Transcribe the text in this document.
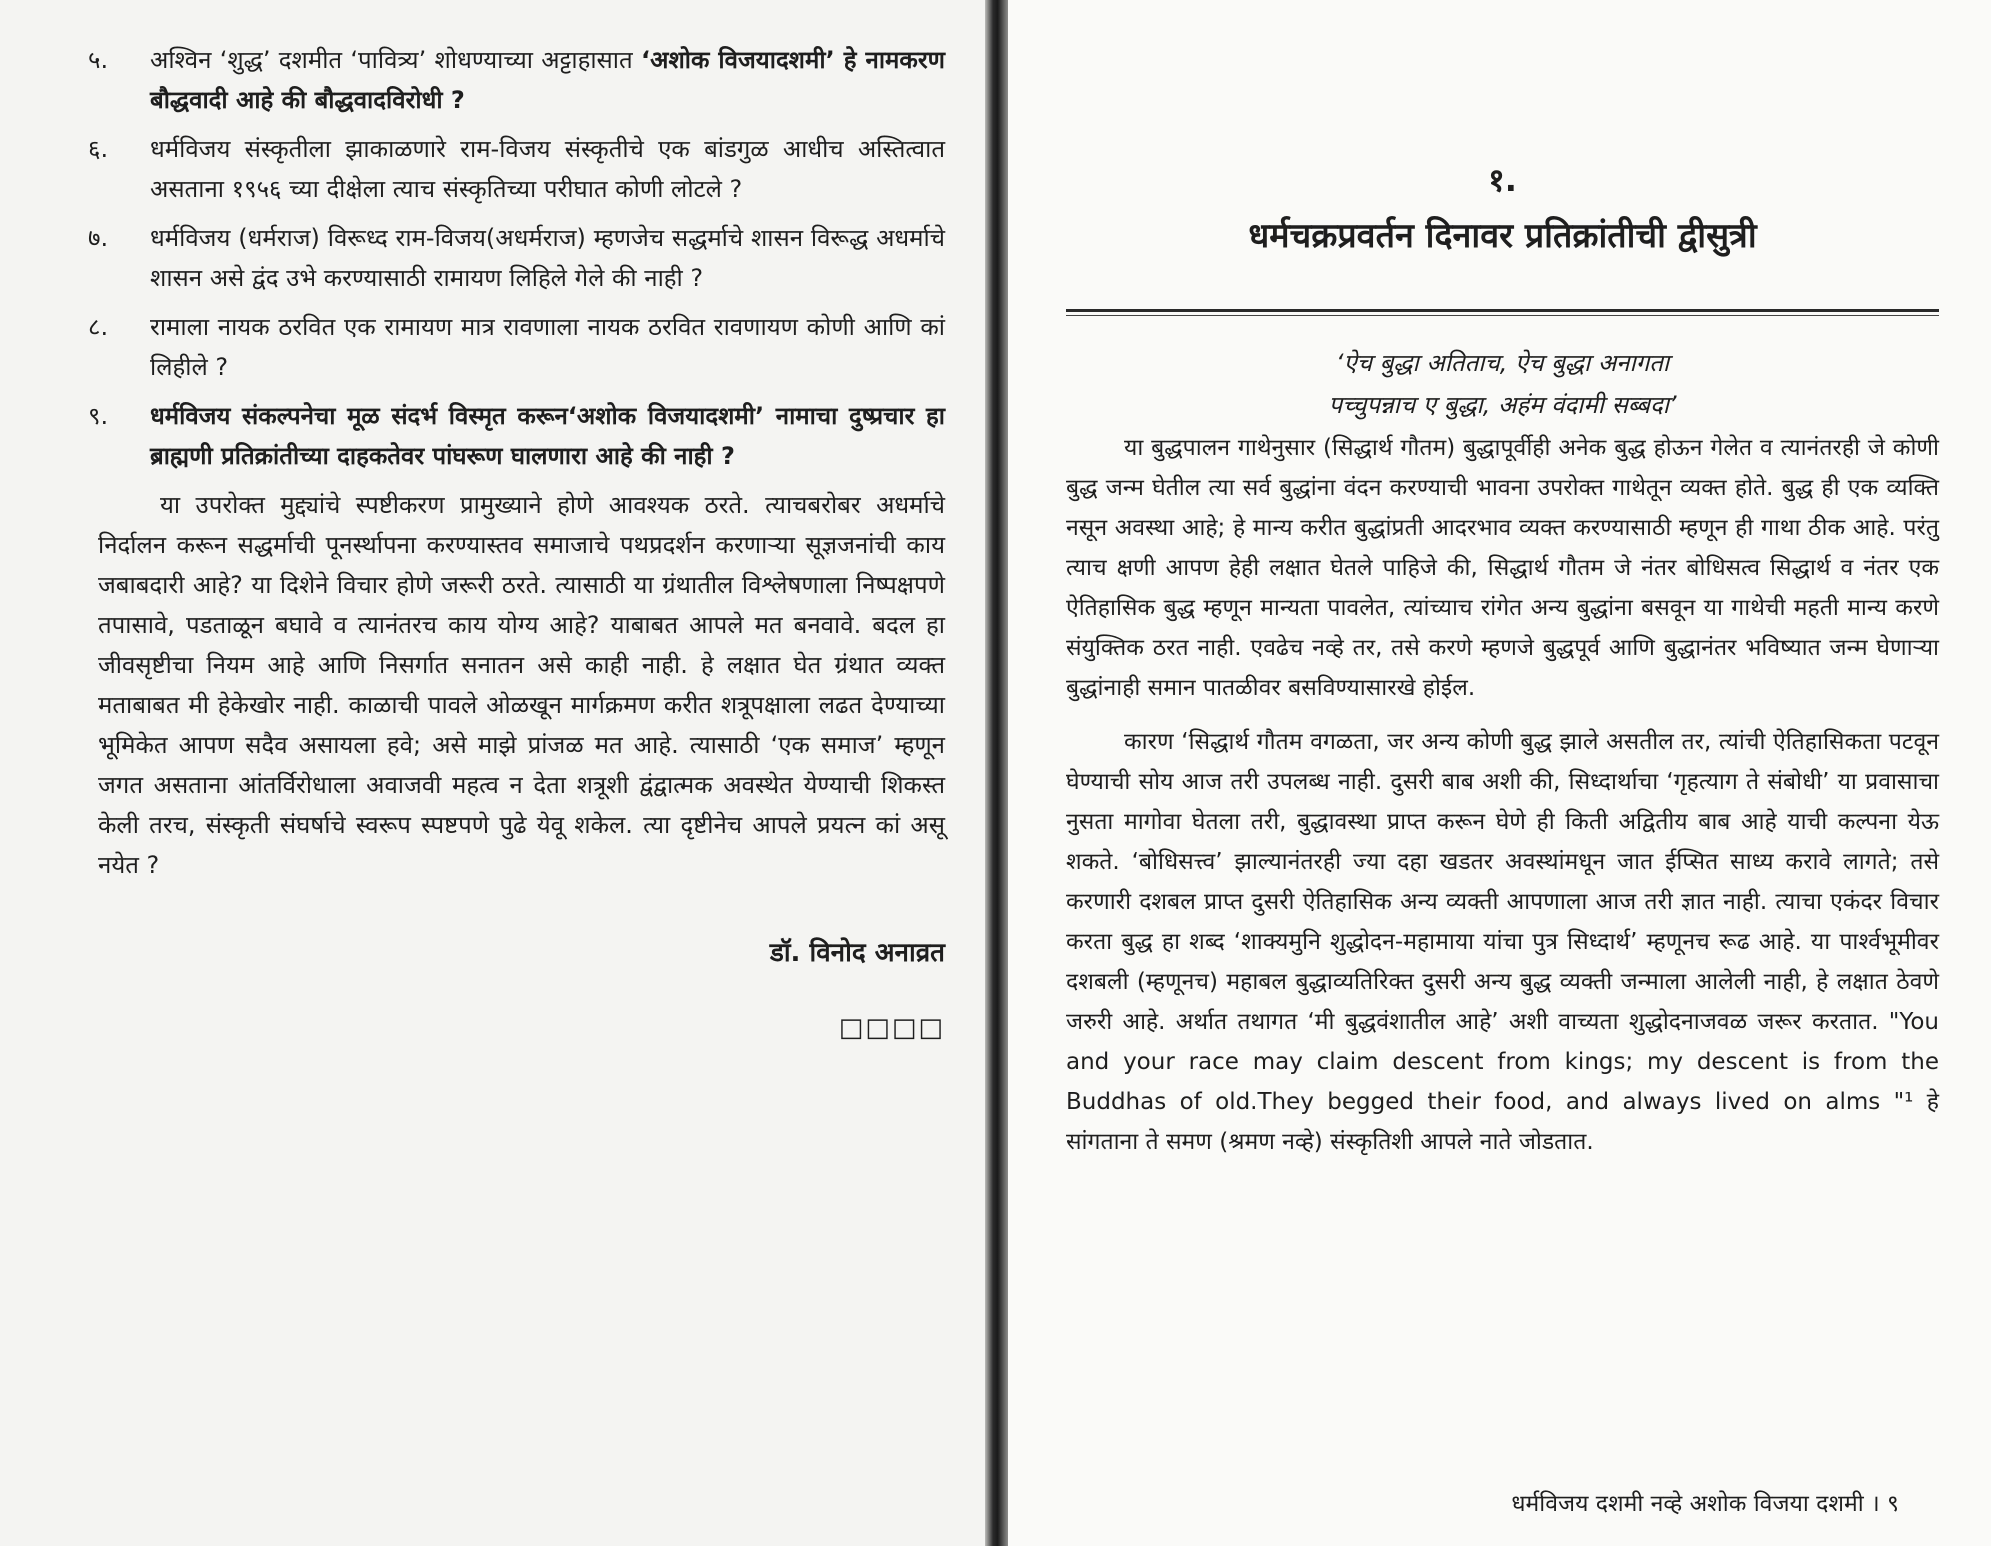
५.	अश्विन ‘शुद्ध’ दशमीत ‘पावित्र्य’ शोधण्याच्या अट्टाहासात ‘अशोक विजयादशमी’ हे नामकरण बौद्धवादी आहे की बौद्धवादविरोधी ?
६.	धर्मविजय संस्कृतीला झाकाळणारे राम-विजय संस्कृतीचे एक बांडगुळ आधीच अस्तित्वात असताना १९५६ च्या दीक्षेला त्याच संस्कृतिच्या परीघात कोणी लोटले ?
७.	धर्मविजय (धर्मराज) विरूध्द राम-विजय(अधर्मराज) म्हणजेच सद्धर्माचे शासन विरूद्ध अधर्माचे शासन असे द्वंद उभे करण्यासाठी रामायण लिहिले गेले की नाही ?
८.	रामाला नायक ठरवित एक रामायण मात्र रावणाला नायक ठरवित रावणायण कोणी आणि कां लिहीले ?
९.	धर्मविजय संकल्पनेचा मूळ संदर्भ विस्मृत करून‘अशोक विजयादशमी’ नामाचा दुष्प्रचार हा ब्राह्मणी प्रतिक्रांतीच्या दाहकतेवर पांघरूण घालणारा आहे की नाही ?

या उपरोक्त मुद्द्यांचे स्पष्टीकरण प्रामुख्याने होणे आवश्यक ठरते. त्याचबरोबर अधर्माचे निर्दालन करून सद्धर्माची पूनर्स्थापना करण्यास्तव समाजाचे पथप्रदर्शन करणाऱ्या सूज्ञजनांची काय जबाबदारी आहे? या दिशेने विचार होणे जरूरी ठरते. त्यासाठी या ग्रंथातील विश्लेषणाला निष्पक्षपणे तपासावे, पडताळून बघावे व त्यानंतरच काय योग्य आहे? याबाबत आपले मत बनवावे. बदल हा जीवसृष्टीचा नियम आहे आणि निसर्गात सनातन असे काही नाही. हे लक्षात घेत ग्रंथात व्यक्त मताबाबत मी हेकेखोर नाही. काळाची पावले ओळखून मार्गक्रमण करीत शत्रूपक्षाला लढत देण्याच्या भूमिकेत आपण सदैव असायला हवे; असे माझे प्रांजळ मत आहे. त्यासाठी ‘एक समाज’ म्हणून जगत असताना आंतर्विरोधाला अवाजवी महत्व न देता शत्रूशी द्वंद्वात्मक अवस्थेत येण्याची शिकस्त केली तरच, संस्कृती संघर्षाचे स्वरूप स्पष्टपणे पुढे येवू शकेल. त्या दृष्टीनेच आपले प्रयत्न कां असू नयेत ?

डॉ. विनोद अनाव्रत
□□□□
१.
धर्मचक्रप्रवर्तन दिनावर प्रतिक्रांतीची द्वीसुत्री

‘ऐच बुद्धा अतिताच, ऐच बुद्धा अनागता

पच्चुपन्नाच ए बुद्धा, अहंम वंदामी सब्बदा’

या बुद्धपालन गाथेनुसार (सिद्धार्थ गौतम) बुद्धापूर्वीही अनेक बुद्ध होऊन गेलेत व त्यानंतरही जे कोणी बुद्ध जन्म घेतील त्या सर्व बुद्धांना वंदन करण्याची भावना उपरोक्त गाथेतून व्यक्त होते. बुद्ध ही एक व्यक्ति नसून अवस्था आहे; हे मान्य करीत बुद्धांप्रती आदरभाव व्यक्त करण्यासाठी म्हणून ही गाथा ठीक आहे. परंतु त्याच क्षणी आपण हेही लक्षात घेतले पाहिजे की, सिद्धार्थ गौतम जे नंतर बोधिसत्व सिद्धार्थ व नंतर एक ऐतिहासिक बुद्ध म्हणून मान्यता पावलेत, त्यांच्याच रांगेत अन्य बुद्धांना बसवून या गाथेची महती मान्य करणे संयुक्तिक ठरत नाही. एवढेच नव्हे तर, तसे करणे म्हणजे बुद्धपूर्व आणि बुद्धानंतर भविष्यात जन्म घेणाऱ्या बुद्धांनाही समान पातळीवर बसविण्यासारखे होईल.

कारण ‘सिद्धार्थ गौतम वगळता, जर अन्य कोणी बुद्ध झाले असतील तर, त्यांची ऐतिहासिकता पटवून घेण्याची सोय आज तरी उपलब्ध नाही. दुसरी बाब अशी की, सिध्दार्थाचा ‘गृहत्याग ते संबोधी’ या प्रवासाचा नुसता मागोवा घेतला तरी, बुद्धावस्था प्राप्त करून घेणे ही किती अद्वितीय बाब आहे याची कल्पना येऊ शकते. ‘बोधिसत्त्व’ झाल्यानंतरही ज्या दहा खडतर अवस्थांमधून जात ईप्सित साध्य करावे लागते; तसे करणारी दशबल प्राप्त दुसरी ऐतिहासिक अन्य व्यक्ती आपणाला आज तरी ज्ञात नाही. त्याचा एकंदर विचार करता बुद्ध हा शब्द ‘शाक्यमुनि शुद्धोदन-महामाया यांचा पुत्र सिध्दार्थ’ म्हणूनच रूढ आहे. या पार्श्वभूमीवर दशबली (म्हणूनच) महाबल बुद्धाव्यतिरिक्त दुसरी अन्य बुद्ध व्यक्ती जन्माला आलेली नाही, हे लक्षात ठेवणे जरुरी आहे. अर्थात तथागत ‘मी बुद्धवंशातील आहे’ अशी वाच्यता शुद्धोदनाजवळ जरूर करतात. "You and your race may claim descent from kings; my descent is from the Buddhas of old.They begged their food, and always lived on alms "¹ हे सांगताना ते समण (श्रमण नव्हे) संस्कृतिशी आपले नाते जोडतात.

धर्मविजय दशमी नव्हे अशोक विजया दशमी । ९
